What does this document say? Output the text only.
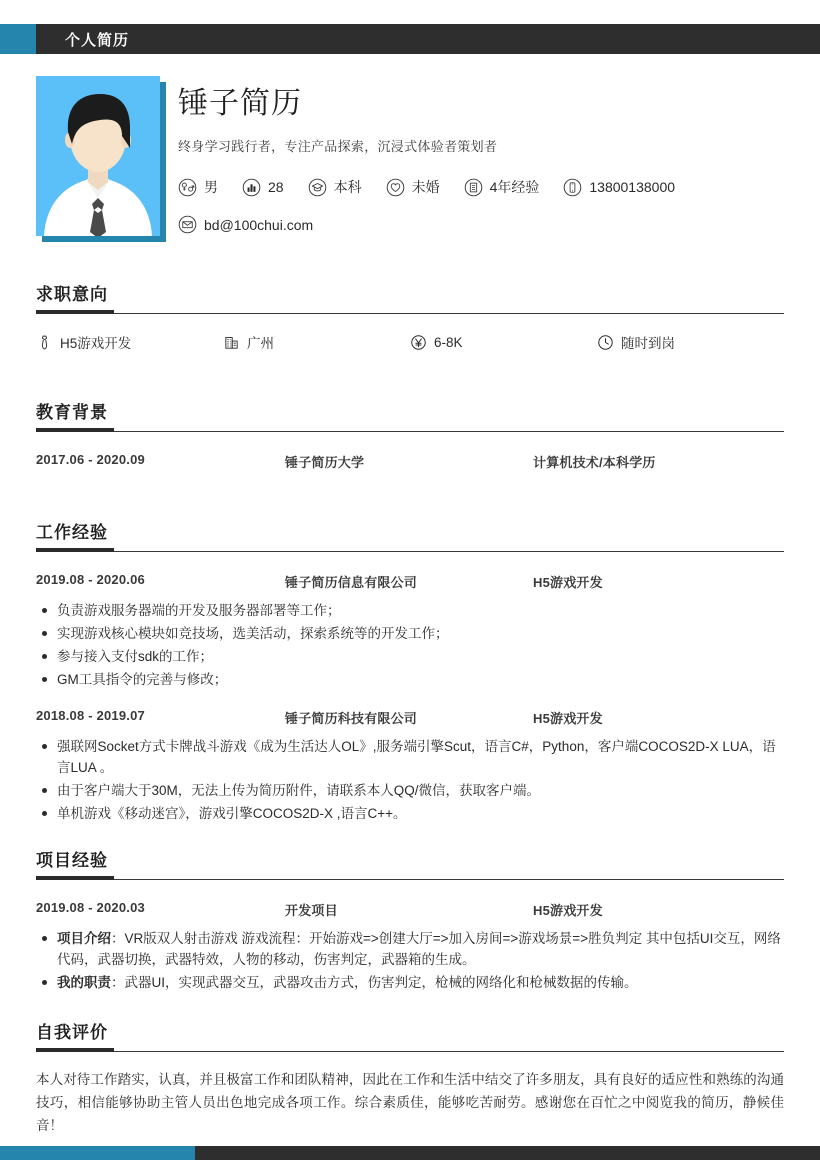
个人简历
锤子简历
终身学习践行者，专注产品探索，沉浸式体验者策划者
男	28	本科	未婚	4年经验	13800138000
bd@100chui.com
求职意向
H5游戏开发	广州	6-8K	随时到岗
教育背景
2017.06 - 2020.09	锤子简历大学	计算机技术/本科学历
工作经验
2019.08 - 2020.06	锤子简历信息有限公司	H5游戏开发
负责游戏服务器端的开发及服务器部署等工作；
实现游戏核心模块如竞技场，选美活动，探索系统等的开发工作；
参与接入支付sdk的工作；
GM工具指令的完善与修改；
2018.08 - 2019.07	锤子简历科技有限公司	H5游戏开发
强联网Socket方式卡牌战斗游戏《成为生活达人OL》,服务端引擎Scut，语言C#，Python，客户端COCOS2D-X LUA，语言LUA 。
由于客户端大于30M，无法上传为简历附件，请联系本人QQ/微信，获取客户端。
单机游戏《移动迷宫》，游戏引擎COCOS2D-X ,语言C++。
项目经验
2019.08 - 2020.03	开发项目	H5游戏开发
项目介绍：VR版双人射击游戏 游戏流程：开始游戏=>创建大厅=>加入房间=>游戏场景=>胜负判定 其中包括UI交互，网络代码，武器切换，武器特效，人物的移动，伤害判定，武器箱的生成。
我的职责：武器UI，实现武器交互，武器攻击方式，伤害判定，枪械的网络化和枪械数据的传输。
自我评价
本人对待工作踏实，认真，并且极富工作和团队精神，因此在工作和生活中结交了许多朋友，具有良好的适应性和熟练的沟通技巧，相信能够协助主管人员出色地完成各项工作。综合素质佳，能够吃苦耐劳。感谢您在百忙之中阅览我的简历，静候佳音！
